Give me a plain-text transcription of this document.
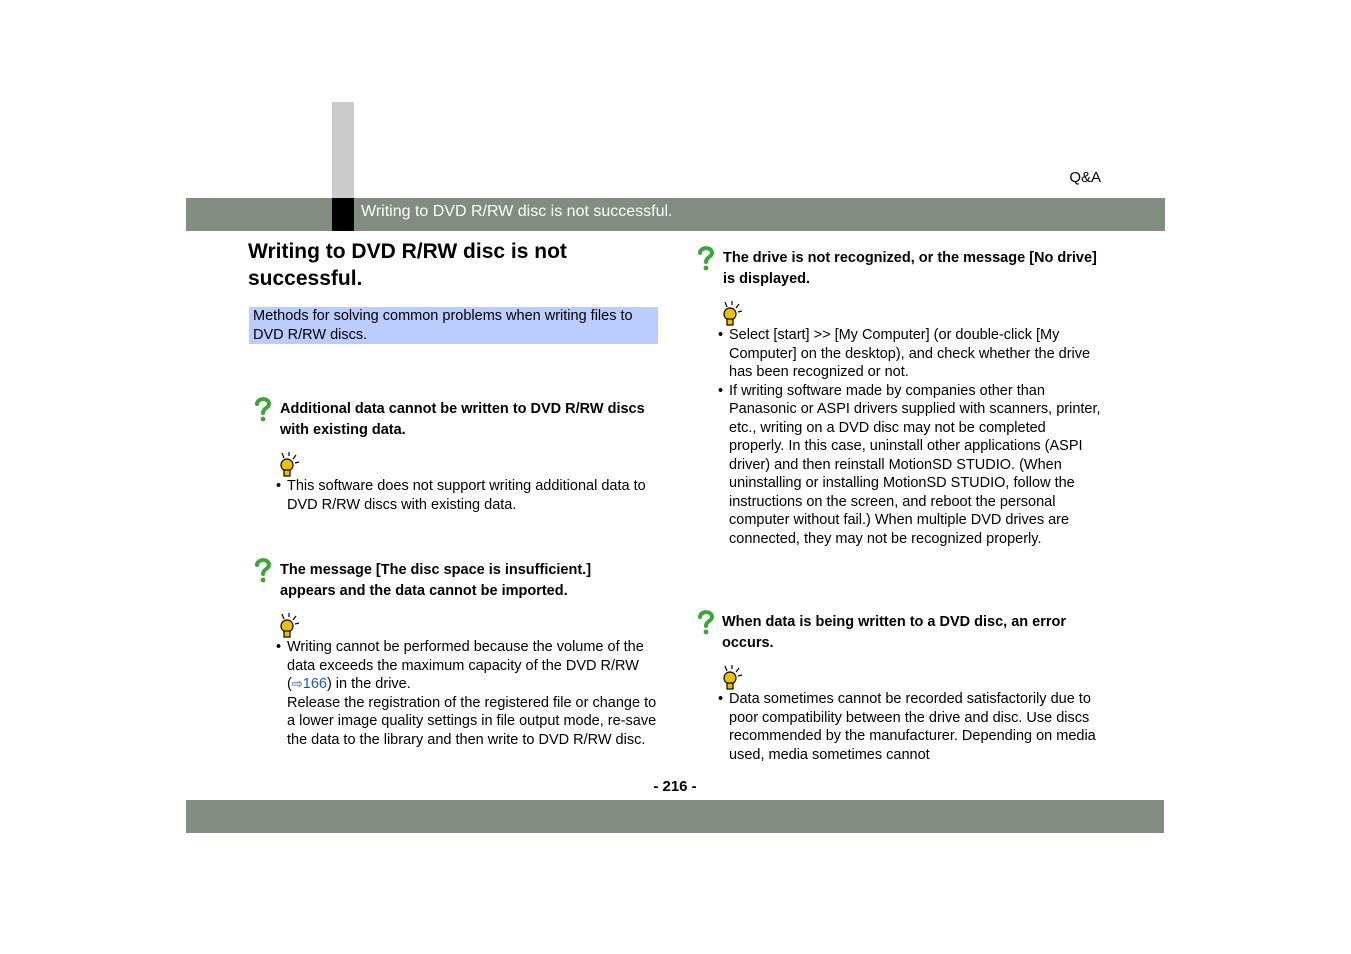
Q&A
Writing to DVD R/RW disc is not successful.
Writing to DVD R/RW disc is not successful.
Methods for solving common problems when writing files to DVD R/RW discs.
Additional data cannot be written to DVD R/RW discs with existing data.
• This software does not support writing additional data to DVD R/RW discs with existing data.
The message [The disc space is insufficient.] appears and the data cannot be imported.
• Writing cannot be performed because the volume of the data exceeds the maximum capacity of the DVD R/RW (⇨166) in the drive.
Release the registration of the registered file or change to a lower image quality settings in file output mode, re-save the data to the library and then write to DVD R/RW disc.
The drive is not recognized, or the message [No drive] is displayed.
• Select [start] >> [My Computer] (or double-click [My Computer] on the desktop), and check whether the drive has been recognized or not.
• If writing software made by companies other than Panasonic or ASPI drivers supplied with scanners, printer, etc., writing on a DVD disc may not be completed properly. In this case, uninstall other applications (ASPI driver) and then reinstall MotionSD STUDIO. (When uninstalling or installing MotionSD STUDIO, follow the instructions on the screen, and reboot the personal computer without fail.) When multiple DVD drives are connected, they may not be recognized properly.
When data is being written to a DVD disc, an error occurs.
• Data sometimes cannot be recorded satisfactorily due to poor compatibility between the drive and disc. Use discs recommended by the manufacturer. Depending on media used, media sometimes cannot
- 216 -
